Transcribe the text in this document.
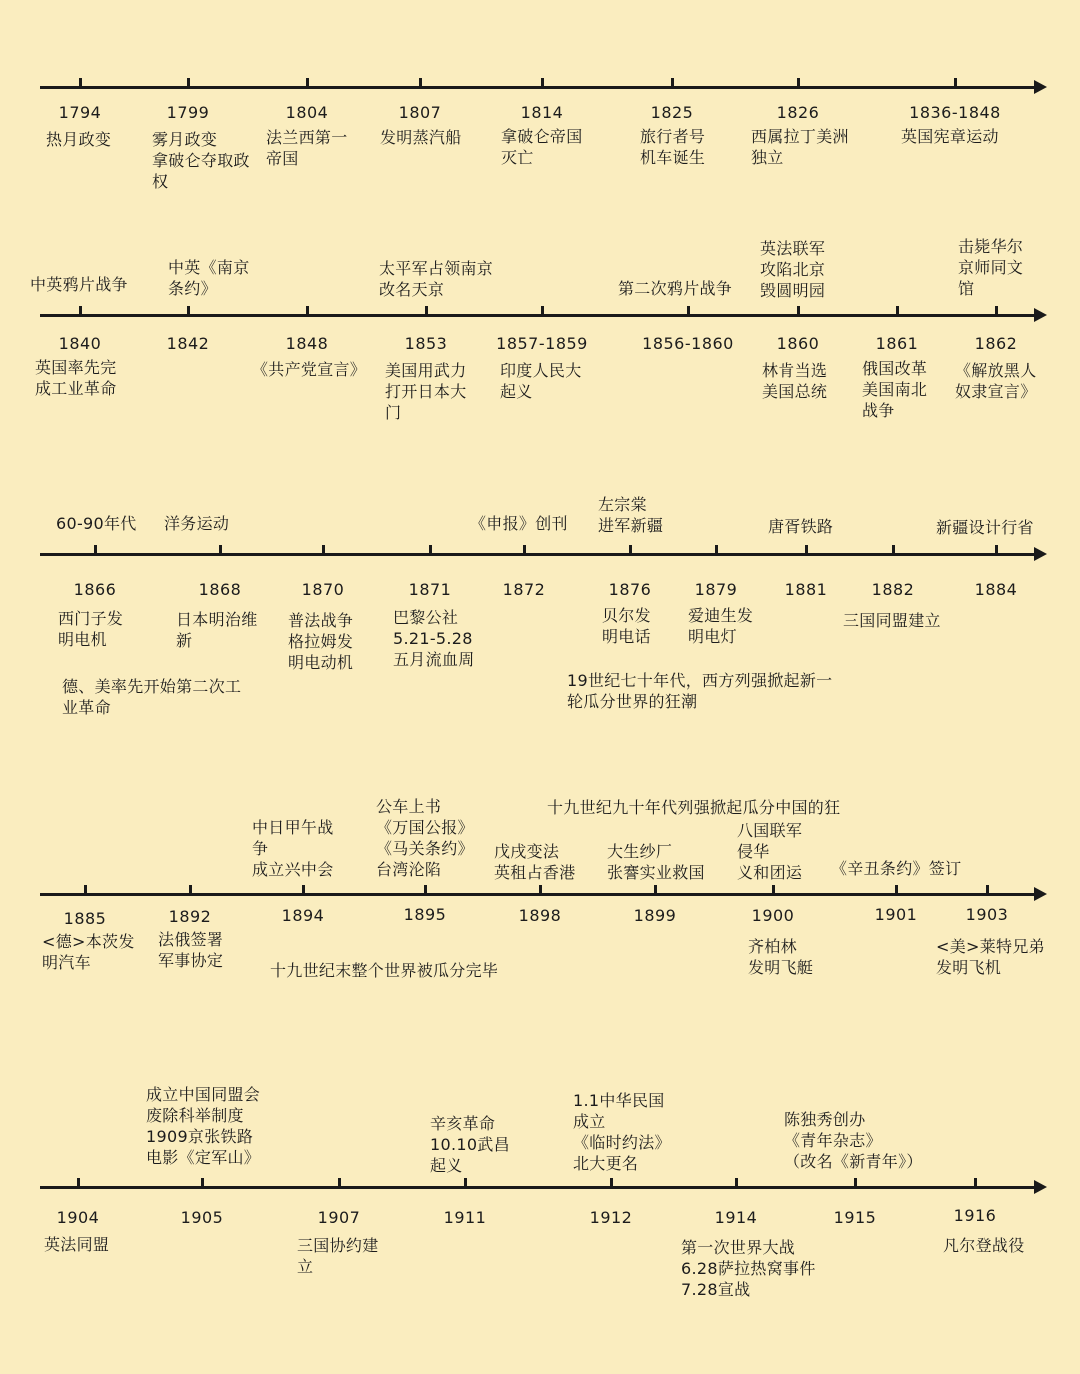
1794
热月政变
1799
雾月政变
拿破仑夺取政
权
1804
法兰西第一
帝国
1807
发明蒸汽船
1814
拿破仑帝国
灭亡
1825
旅行者号
机车诞生
1826
西属拉丁美洲
独立
1836-1848
英国宪章运动
1840
中英鸦片战争
英国率先完
成工业革命
1842
中英《南京
条约》
1848
《共产党宣言》
1853
太平军占领南京
改名天京
美国用武力
打开日本大
门
1857-1859
印度人民大
起义
1856-1860
第二次鸦片战争
1860
英法联军
攻陷北京
毁圆明园
林肯当选
美国总统
1861
俄国改革
美国南北
战争
1862
击毙华尔
京师同文
馆
《解放黑人
奴隶宣言》
1866
60-90年代
西门子发
明电机
1868
洋务运动
日本明治维
新
1870
普法战争
格拉姆发
明电动机
1871
巴黎公社
5.21-5.28
五月流血周
1872
《申报》创刊
1876
左宗棠
进军新疆
贝尔发
明电话
1879
爱迪生发
明电灯
1881
唐胥铁路
1882
三国同盟建立
1884
新疆设计行省
德、美率先开始第二次工
业革命
19世纪七十年代，西方列强掀起新一
轮瓜分世界的狂潮
1885
<德>本茨发
明汽车
1892
法俄签署
军事协定
1894
中日甲午战
争
成立兴中会
1895
公车上书
《万国公报》
《马关条约》
台湾沦陷
1898
戊戌变法
英租占香港
1899
大生纱厂
张謇实业救国
1900
八国联军
侵华
义和团运
齐柏林
发明飞艇
1901
《辛丑条约》签订
1903
<美>莱特兄弟
发明飞机
十九世纪九十年代列强掀起瓜分中国的狂
十九世纪末整个世界被瓜分完毕
1904
英法同盟
1905
成立中国同盟会
废除科举制度
1909京张铁路
电影《定军山》
1907
三国协约建
立
1911
辛亥革命
10.10武昌
起义
1912
1.1中华民国
成立
《临时约法》
北大更名
1914
第一次世界大战
6.28萨拉热窝事件
7.28宣战
1915
陈独秀创办
《青年杂志》
（改名《新青年》）
1916
凡尔登战役
